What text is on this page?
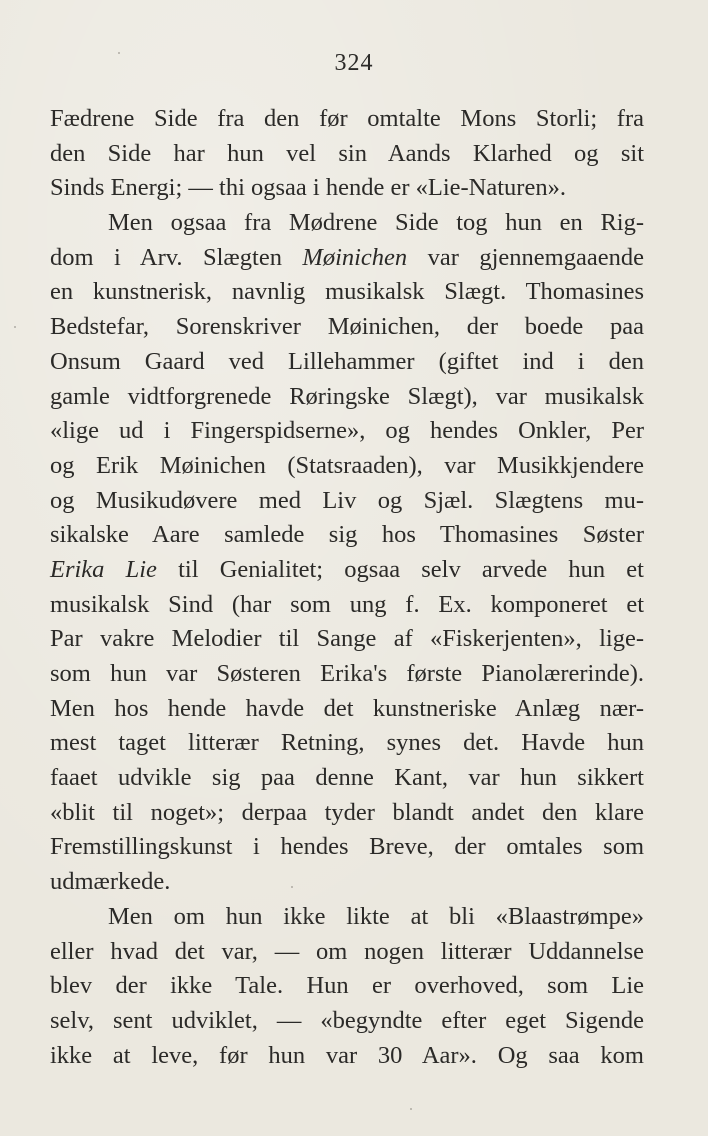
324
Fædrene Side fra den før omtalte Mons Storli; fra
den Side har hun vel sin Aands Klarhed og sit
Sinds Energi; — thi ogsaa i hende er «Lie-Naturen».
Men ogsaa fra Mødrene Side tog hun en Rig-
dom i Arv. Slægten Møinichen var gjennemgaaende
en kunstnerisk, navnlig musikalsk Slægt. Thomasines
Bedstefar, Sorenskriver Møinichen, der boede paa
Onsum Gaard ved Lillehammer (giftet ind i den
gamle vidtforgrenede Røringske Slægt), var musikalsk
«lige ud i Fingerspidserne», og hendes Onkler, Per
og Erik Møinichen (Statsraaden), var Musikkjendere
og Musikudøvere med Liv og Sjæl. Slægtens mu-
sikalske Aare samlede sig hos Thomasines Søster
Erika Lie til Genialitet; ogsaa selv arvede hun et
musikalsk Sind (har som ung f. Ex. komponeret et
Par vakre Melodier til Sange af «Fiskerjenten», lige-
som hun var Søsteren Erika's første Pianolærerinde).
Men hos hende havde det kunstneriske Anlæg nær-
mest taget litterær Retning, synes det. Havde hun
faaet udvikle sig paa denne Kant, var hun sikkert
«blit til noget»; derpaa tyder blandt andet den klare
Fremstillingskunst i hendes Breve, der omtales som
udmærkede.
Men om hun ikke likte at bli «Blaastrømpe»
eller hvad det var, — om nogen litterær Uddannelse
blev der ikke Tale. Hun er overhoved, som Lie
selv, sent udviklet, — «begyndte efter eget Sigende
ikke at leve, før hun var 30 Aar». Og saa kom
